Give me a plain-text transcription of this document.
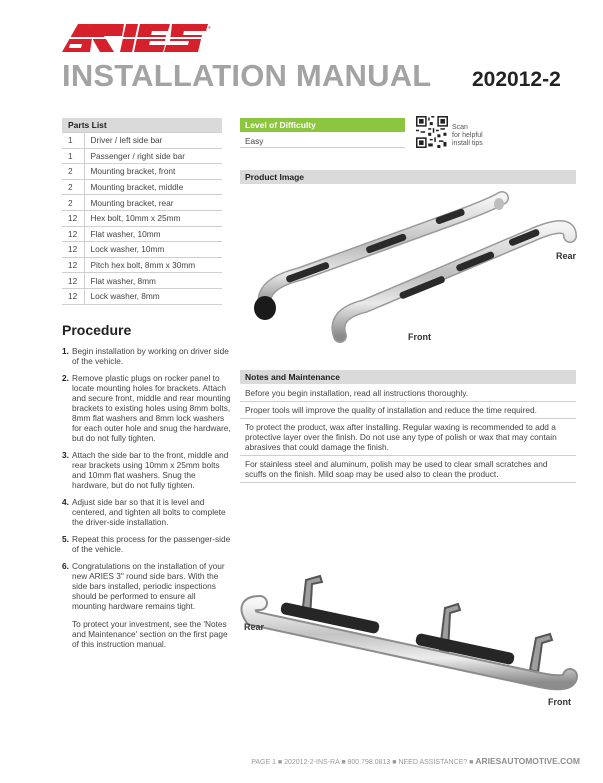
®
INSTALLATION MANUAL 202012-2
Parts List	
1	Driver / left side bar
1	Passenger / right side bar
2	Mounting bracket, front
2	Mounting bracket, middle
2	Mounting bracket, rear
12	Hex bolt, 10mm x 25mm
12	Flat washer, 10mm
12	Lock washer, 10mm
12	Pitch hex bolt, 8mm x 30mm
12	Flat washer, 8mm
12	Lock washer, 8mm
Level of Difficulty
Easy
Scan
for helpful
install tips
Product Image
Rear
Front
Notes and Maintenance
Before you begin installation, read all instructions thoroughly.
Proper tools will improve the quality of installation and reduce the time required.
To protect the product, wax after installing. Regular waxing is recommended to add a protective layer over the finish. Do not use any type of polish or wax that may contain abrasives that could damage the finish.
For stainless steel and aluminum, polish may be used to clear small scratches and scuffs on the finish. Mild soap may be used also to clean the product.
Procedure
1. Begin installation by working on driver side of the vehicle.
2. Remove plastic plugs on rocker panel to locate mounting holes for brackets. Attach and secure front, middle and rear mounting brackets to existing holes using 8mm bolts, 8mm flat washers and 8mm lock washers for each outer hole and snug the hardware, but do not fully tighten.
3. Attach the side bar to the front, middle and rear brackets using 10mm x 25mm bolts and 10mm flat washers. Snug the hardware, but do not fully tighten.
4. Adjust side bar so that it is level and centered, and tighten all bolts to complete the driver-side installation.
5. Repeat this process for the passenger-side of the vehicle.
6. Congratulations on the installation of your new ARIES 3" round side bars. With the side bars installed, periodic inspections should be performed to ensure all mounting hardware remains tight.
To protect your investment, see the 'Notes and Maintenance' section on the first page of this instruction manual.
Rear
Front
PAGE 1 ■ 202012-2-INS-RA ■ 800.798.0813 ■ NEED ASSISTANCE? ■ ARIESAUTOMOTIVE.COM
